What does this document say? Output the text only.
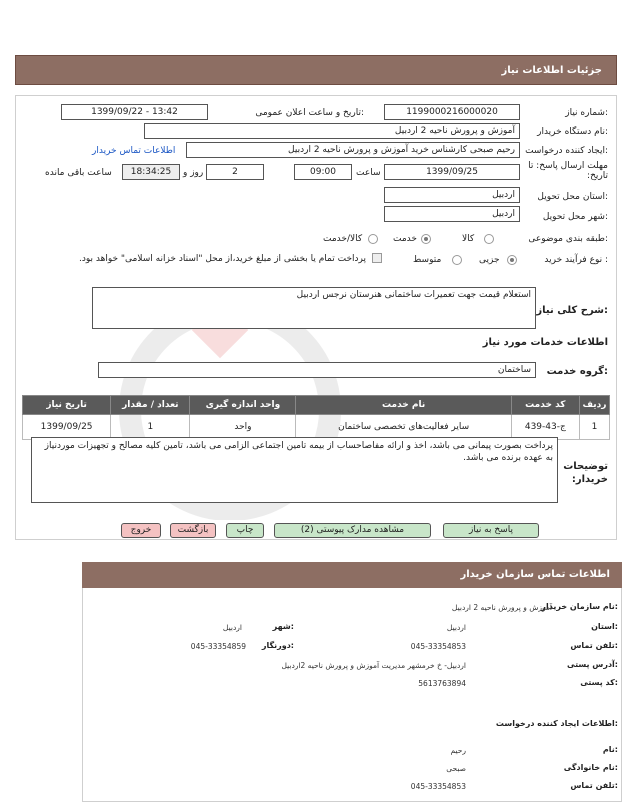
جزئیات اطلاعات نیاز
شماره نیاز:
1199000216000020
تاریخ و ساعت اعلان عمومی:
1399/09/22 - 13:42
نام دستگاه خریدار:
آموزش و پرورش ناحیه 2 اردبیل
ایجاد کننده درخواست:
رحیم صبحی کارشناس خرید آموزش و پرورش ناحیه 2 اردبیل
اطلاعات تماس خریدار
مهلت ارسال پاسخ: تا تاریخ:
1399/09/25
ساعت
09:00
2
روز و
18:34:25
ساعت باقی مانده
استان محل تحویل:
اردبیل
شهر محل تحویل:
اردبیل
طبقه بندی موضوعی:
کالا
خدمت
کالا/خدمت
نوع فرآیند خرید :
جزیی
متوسط
پرداخت تمام یا بخشی از مبلغ خرید،از محل "اسناد خزانه اسلامی" خواهد بود.
شرح کلی نیاز:
استعلام قیمت جهت تعمیرات ساختمانی هنرستان نرجس اردبیل
اطلاعات خدمات مورد نیاز
گروه خدمت:
ساختمان
ردیف	کد خدمت	نام خدمت	واحد اندازه گیری	تعداد / مقدار	تاریخ نیاز
1	ج-43-439	سایر فعالیت‌های تخصصی ساختمان	واحد	1	1399/09/25
توضیحات خریدار:
پرداخت بصورت پیمانی می باشد، اخذ و ارائه مفاصاحساب از بیمه تامین اجتماعی الزامی می باشد، تامین کلیه مصالح و تجهیزات موردنیاز به عهده برنده می باشد.
پاسخ به نیاز
مشاهده مدارک پیوستی (2)
چاپ
بازگشت
خروج
اطلاعات تماس سازمان خریدار
نام سازمان خریدار:
آموزش و پرورش ناحیه 2 اردبیل
استان:
اردبیل
شهر:
اردبیل
تلفن تماس:
045-33354853
دورنگار:
045-33354859
آدرس پستی:
اردبیل- خ خرمشهر مدیریت آموزش و پرورش ناحیه 2اردبیل
کد پستی:
5613763894
اطلاعات ایجاد کننده درخواست:
نام:
رحیم
نام خانوادگی:
صبحی
تلفن تماس:
045-33354853
